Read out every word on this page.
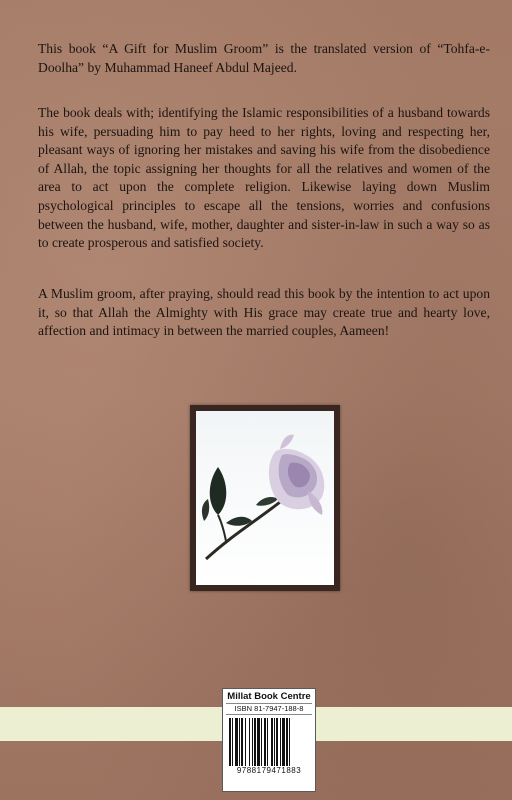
This book “A Gift for Muslim Groom” is the translated version of “Tohfa-e-Doolha” by Muhammad Haneef Abdul Majeed.

The book deals with; identifying the Islamic responsibilities of a husband towards his wife, persuading him to pay heed to her rights, loving and respecting her, pleasant ways of ignoring her mistakes and saving his wife from the disobedience of Allah, the topic assigning her thoughts for all the relatives and women of the area to act upon the complete religion. Likewise laying down Muslim psychological principles to escape all the tensions, worries and confusions between the husband, wife, mother, daughter and sister-in-law in such a way so as to create prosperous and satisfied society.

A Muslim groom, after praying, should read this book by the intention to act upon it, so that Allah the Almighty with His grace may create true and hearty love, affection and intimacy in between the married couples, Aameen!

Millat Book Centre
ISBN 81-7947-188-8
9788179471883
